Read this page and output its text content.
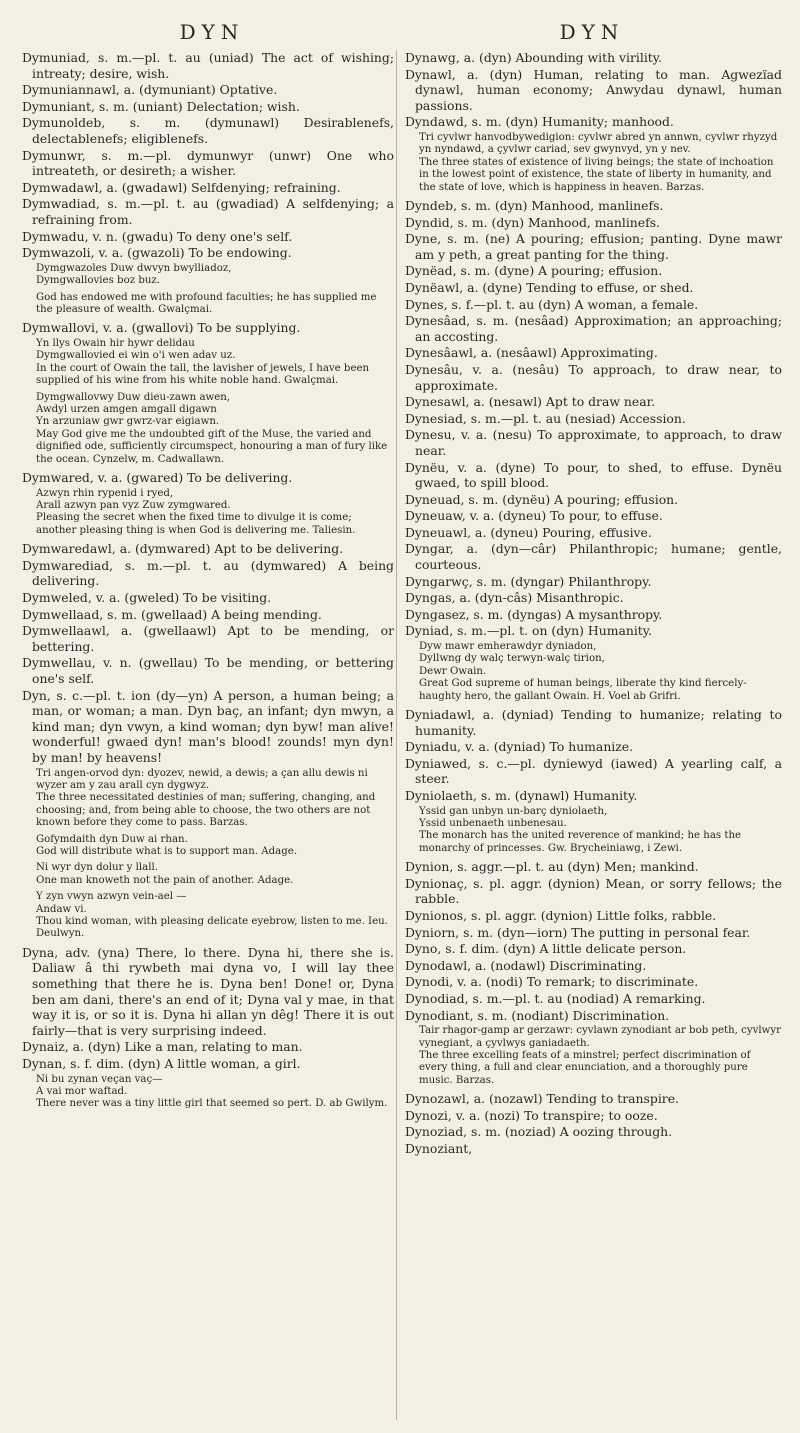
DYN	DYN
Dymuniad, s. m.—pl. t. au (uniad) The act of wishing; intreaty; desire, wish.
Dymuniannawl, a. (dymuniant) Optative.
Dymuniant, s. m. (uniant) Delectation; wish.
Dymunoldeb, s. m. (dymunawl) Desirablenefs, delectablenefs; eligiblenefs.
Dymunwr, s. m.—pl. dymunwyr (unwr) One who intreateth, or desireth; a wisher.
Dymwadawl, a. (gwadawl) Selfdenying; refraining.
Dymwadiad, s. m.—pl. t. au (gwadiad) A selfdenying; a refraining from.
Dymwadu, v. n. (gwadu) To deny one's self.
Dymwazoli, v. a. (gwazoli) To be endowing.
Dymgwazoles Duw dwvyn bwylliadoz,
Dymgwallovies boz buz.
God has endowed me with profound faculties; he has supplied me the pleasure of wealth. Gwalçmai.
Dymwallovi, v. a. (gwallovi) To be supplying.
Yn llys Owain hir hywr delidau
Dymgwallovied ei win o'i wen adav uz.
In the court of Owain the tall, the lavisher of jewels, I have been supplied of his wine from his white noble hand. Gwalçmai.
Dymgwallovwy Duw dieu-zawn awen,
Awdyl urzen amgen amgall digawn
Yn arzuniaw gwr gwrz-var eigiawn.
May God give me the undoubted gift of the Muse, the varied and dignified ode, sufficiently circumspect, honouring a man of fury like the ocean. Cynzelw, m. Cadwallawn.
Dymwared, v. a. (gwared) To be delivering.
Azwyn rhin rypenid i ryed,
Arall azwyn pan vyz Zuw zymgwared.
Pleasing the secret when the fixed time to divulge it is come; another pleasing thing is when God is delivering me. Taliesin.
Dymwaredawl, a. (dymwared) Apt to be delivering.
Dymwarediad, s. m.—pl. t. au (dymwared) A being delivering.
Dymweled, v. a. (gweled) To be visiting.
Dymwellaad, s. m. (gwellaad) A being mending.
Dymwellaawl, a. (gwellaawl) Apt to be mending, or bettering.
Dymwellau, v. n. (gwellau) To be mending, or bettering one's self.
Dyn, s. c.—pl. t. ion (dy—yn) A person, a human being; a man, or woman; a man. Dyn baç, an infant; dyn mwyn, a kind man; dyn vwyn, a kind woman; dyn byw! man alive! wonderful! gwaed dyn! man's blood! zounds! myn dyn! by man! by heavens!
Tri angen-orvod dyn: dyozev, newid, a dewis; a çan allu dewis ni wyzer am y zau arall cyn dygwyz.
The three necessitated destinies of man; suffering, changing, and choosing; and, from being able to choose, the two others are not known before they come to pass. Barzas.
Gofymdaith dyn Duw ai rhan.
God will distribute what is to support man. Adage.
Ni wyr dyn dolur y llall.
One man knoweth not the pain of another. Adage.
Y zyn vwyn azwyn vein-ael —
Andaw vi.
Thou kind woman, with pleasing delicate eyebrow, listen to me. Ieu. Deulwyn.
Dyna, adv. (yna) There, lo there. Dyna hi, there she is. Daliaw â thi rywbeth mai dyna vo, I will lay thee something that there he is. Dyna ben! Done! or, Dyna ben am dani, there's an end of it; Dyna val y mae, in that way it is, or so it is. Dyna hi allan yn dêg! There it is out fairly—that is very surprising indeed.
Dynaiz, a. (dyn) Like a man, relating to man.
Dynan, s. f. dim. (dyn) A little woman, a girl.
Ni bu zynan veçan vaç—
A vai mor waftad.
There never was a tiny little girl that seemed so pert. D. ab Gwilym.
Dynawg, a. (dyn) Abounding with virility.
Dynawl, a. (dyn) Human, relating to man. Agwezïad dynawl, human economy; Anwydau dynawl, human passions.
Dyndawd, s. m. (dyn) Humanity; manhood.
Tri cyvlwr hanvodbywedigion: cyvlwr abred yn annwn, cyvlwr rhyzyd yn nyndawd, a çyvlwr cariad, sev gwynvyd, yn y nev.
The three states of existence of living beings; the state of inchoation in the lowest point of existence, the state of liberty in humanity, and the state of love, which is happiness in heaven. Barzas.
Dyndeb, s. m. (dyn) Manhood, manlinefs.
Dyndid, s. m. (dyn) Manhood, manlinefs.
Dyne, s. m. (ne) A pouring; effusion; panting. Dyne mawr am y peth, a great panting for the thing.
Dynëad, s. m. (dyne) A pouring; effusion.
Dynëawl, a. (dyne) Tending to effuse, or shed.
Dynes, s. f.—pl. t. au (dyn) A woman, a female.
Dynesâad, s. m. (nesâad) Approximation; an approaching; an accosting.
Dynesâawl, a. (nesâawl) Approximating.
Dynesâu, v. a. (nesâu) To approach, to draw near, to approximate.
Dynesawl, a. (nesawl) Apt to draw near.
Dynesiad, s. m.—pl. t. au (nesiad) Accession.
Dynesu, v. a. (nesu) To approximate, to approach, to draw near.
Dynëu, v. a. (dyne) To pour, to shed, to effuse. Dynëu gwaed, to spill blood.
Dyneuad, s. m. (dynëu) A pouring; effusion.
Dyneuaw, v. a. (dyneu) To pour, to effuse.
Dyneuawl, a. (dyneu) Pouring, effusive.
Dyngar, a. (dyn—câr) Philanthropic; humane; gentle, courteous.
Dyngarwç, s. m. (dyngar) Philanthropy.
Dyngas, a. (dyn-câs) Misanthropic.
Dyngasez, s. m. (dyngas) A mysanthropy.
Dyniad, s. m.—pl. t. on (dyn) Humanity.
Dyw mawr emherawdyr dyniadon,
Dyllwng dy walç terwyn-walç tirion,
Dewr Owain.
Great God supreme of human beings, liberate thy kind fiercely-haughty hero, the gallant Owain. H. Voel ab Grifri.
Dyniadawl, a. (dyniad) Tending to humanize; relating to humanity.
Dyniadu, v. a. (dyniad) To humanize.
Dyniawed, s. c.—pl. dyniewyd (iawed) A yearling calf, a steer.
Dyniolaeth, s. m. (dynawl) Humanity.
Yssid gan unbyn un-barç dyniolaeth,
Yssid unbenaeth unbenesau.
The monarch has the united reverence of mankind; he has the monarchy of princesses. Gw. Brycheiniawg, i Zewi.
Dynion, s. aggr.—pl. t. au (dyn) Men; mankind.
Dynionaç, s. pl. aggr. (dynion) Mean, or sorry fellows; the rabble.
Dynionos, s. pl. aggr. (dynion) Little folks, rabble.
Dyniorn, s. m. (dyn—iorn) The putting in personal fear.
Dyno, s. f. dim. (dyn) A little delicate person.
Dynodawl, a. (nodawl) Discriminating.
Dynodi, v. a. (nodi) To remark; to discriminate.
Dynodiad, s. m.—pl. t. au (nodiad) A remarking.
Dynodiant, s. m. (nodiant) Discrimination.
Tair rhagor-gamp ar gerzawr: cyvlawn zynodiant ar bob peth, cyvlwyr vynegiant, a çyvlwys ganiadaeth.
The three excelling feats of a minstrel; perfect discrimination of every thing, a full and clear enunciation, and a thoroughly pure music. Barzas.
Dynozawl, a. (nozawl) Tending to transpire.
Dynozi, v. a. (nozi) To transpire; to ooze.
Dynoziad, s. m. (noziad) A oozing through.
Dynoziant,
